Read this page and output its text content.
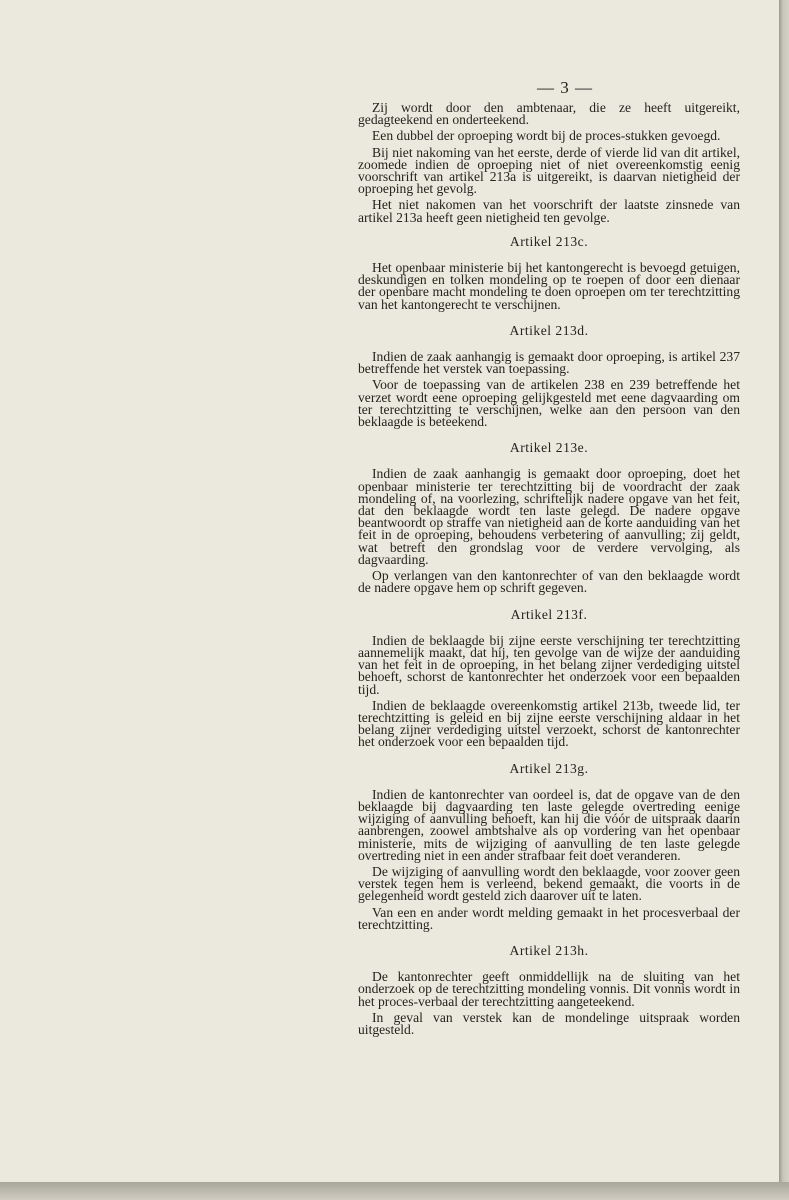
— 3 —

Zij wordt door den ambtenaar, die ze heeft uitgereikt, gedagteekend en onderteekend.

Een dubbel der oproeping wordt bij de proces-stukken gevoegd.

Bij niet nakoming van het eerste, derde of vierde lid van dit artikel, zoomede indien de oproeping niet of niet overeenkomstig eenig voorschrift van artikel 213a is uitgereikt, is daarvan nietigheid der oproeping het gevolg.

Het niet nakomen van het voorschrift der laatste zinsnede van artikel 213a heeft geen nietigheid ten gevolge.

Artikel 213c.

Het openbaar ministerie bij het kantongerecht is bevoegd getuigen, deskundigen en tolken mondeling op te roepen of door een dienaar der openbare macht mondeling te doen oproepen om ter terechtzitting van het kantongerecht te verschijnen.

Artikel 213d.

Indien de zaak aanhangig is gemaakt door oproeping, is artikel 237 betreffende het verstek van toepassing.

Voor de toepassing van de artikelen 238 en 239 betreffende het verzet wordt eene oproeping gelijkgesteld met eene dagvaarding om ter terechtzitting te verschijnen, welke aan den persoon van den beklaagde is beteekend.

Artikel 213e.

Indien de zaak aanhangig is gemaakt door oproeping, doet het openbaar ministerie ter terechtzitting bij de voordracht der zaak mondeling of, na voorlezing, schriftelijk nadere opgave van het feit, dat den beklaagde wordt ten laste gelegd. De nadere opgave beantwoordt op straffe van nietigheid aan de korte aanduiding van het feit in de oproeping, behoudens verbetering of aanvulling; zij geldt, wat betreft den grondslag voor de verdere vervolging, als dagvaarding.

Op verlangen van den kantonrechter of van den beklaagde wordt de nadere opgave hem op schrift gegeven.

Artikel 213f.

Indien de beklaagde bij zijne eerste verschijning ter terechtzitting aannemelijk maakt, dat hij, ten gevolge van de wijze der aanduiding van het feit in de oproeping, in het belang zijner verdediging uitstel behoeft, schorst de kantonrechter het onderzoek voor een bepaalden tijd.

Indien de beklaagde overeenkomstig artikel 213b, tweede lid, ter terechtzitting is geleid en bij zijne eerste verschijning aldaar in het belang zijner verdediging uitstel verzoekt, schorst de kantonrechter het onderzoek voor een bepaalden tijd.

Artikel 213g.

Indien de kantonrechter van oordeel is, dat de opgave van de den beklaagde bij dagvaarding ten laste gelegde overtreding eenige wijziging of aanvulling behoeft, kan hij die vóór de uitspraak daarin aanbrengen, zoowel ambtshalve als op vordering van het openbaar ministerie, mits de wijziging of aanvulling de ten laste gelegde overtreding niet in een ander strafbaar feit doet veranderen.

De wijziging of aanvulling wordt den beklaagde, voor zoover geen verstek tegen hem is verleend, bekend gemaakt, die voorts in de gelegenheid wordt gesteld zich daarover uit te laten.

Van een en ander wordt melding gemaakt in het procesverbaal der terechtzitting.

Artikel 213h.

De kantonrechter geeft onmiddellijk na de sluiting van het onderzoek op de terechtzitting mondeling vonnis. Dit vonnis wordt in het proces-verbaal der terechtzitting aangeteekend.

In geval van verstek kan de mondelinge uitspraak worden uitgesteld.
